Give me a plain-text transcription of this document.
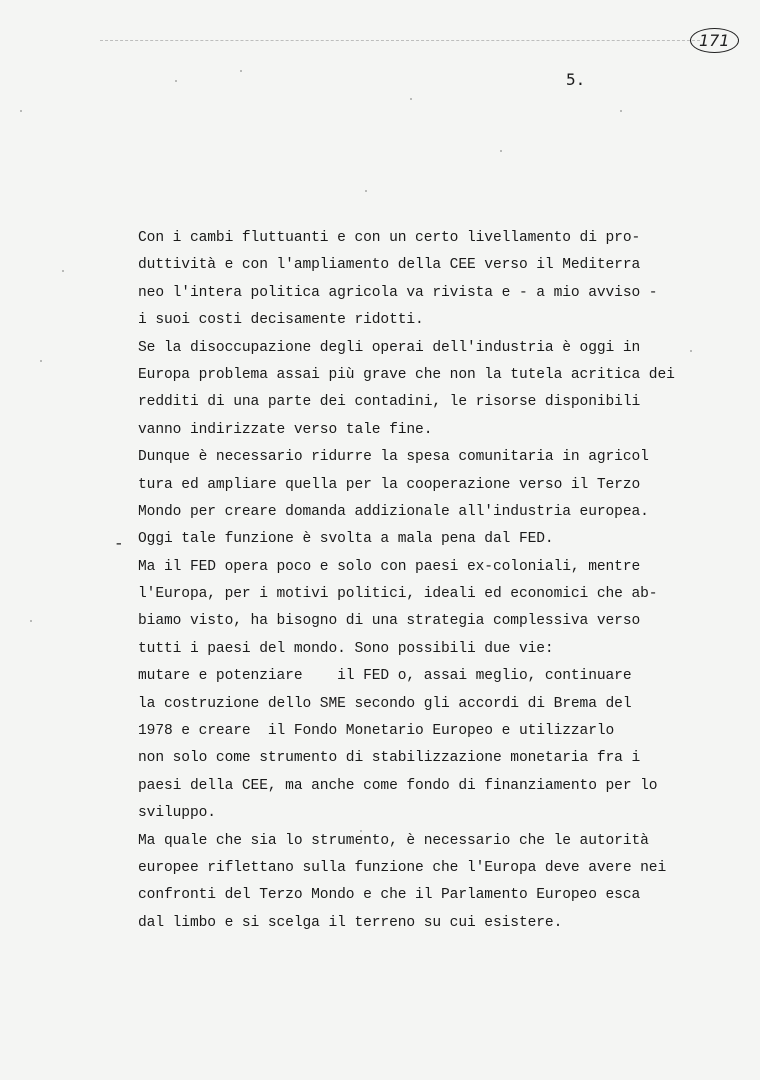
171
5.
-
Con i cambi fluttuanti e con un certo livellamento di pro-
duttività e con l'ampliamento della CEE verso il Mediterra
neo l'intera politica agricola va rivista e - a mio avviso -
i suoi costi decisamente ridotti.
Se la disoccupazione degli operai dell'industria è oggi in
Europa problema assai più grave che non la tutela acritica dei
redditi di una parte dei contadini, le risorse disponibili
vanno indirizzate verso tale fine.
Dunque è necessario ridurre la spesa comunitaria in agricol
tura ed ampliare quella per la cooperazione verso il Terzo
Mondo per creare domanda addizionale all'industria europea.
Oggi tale funzione è svolta a mala pena dal FED.
Ma il FED opera poco e solo con paesi ex-coloniali, mentre
l'Europa, per i motivi politici, ideali ed economici che ab-
biamo visto, ha bisogno di una strategia complessiva verso
tutti i paesi del mondo. Sono possibili due vie:
mutare e potenziare    il FED o, assai meglio, continuare
la costruzione dello SME secondo gli accordi di Brema del
1978 e creare  il Fondo Monetario Europeo e utilizzarlo
non solo come strumento di stabilizzazione monetaria fra i
paesi della CEE, ma anche come fondo di finanziamento per lo
sviluppo.
Ma quale che sia lo strumento, è necessario che le autorità
europee riflettano sulla funzione che l'Europa deve avere nei
confronti del Terzo Mondo e che il Parlamento Europeo esca
dal limbo e si scelga il terreno su cui esistere.
